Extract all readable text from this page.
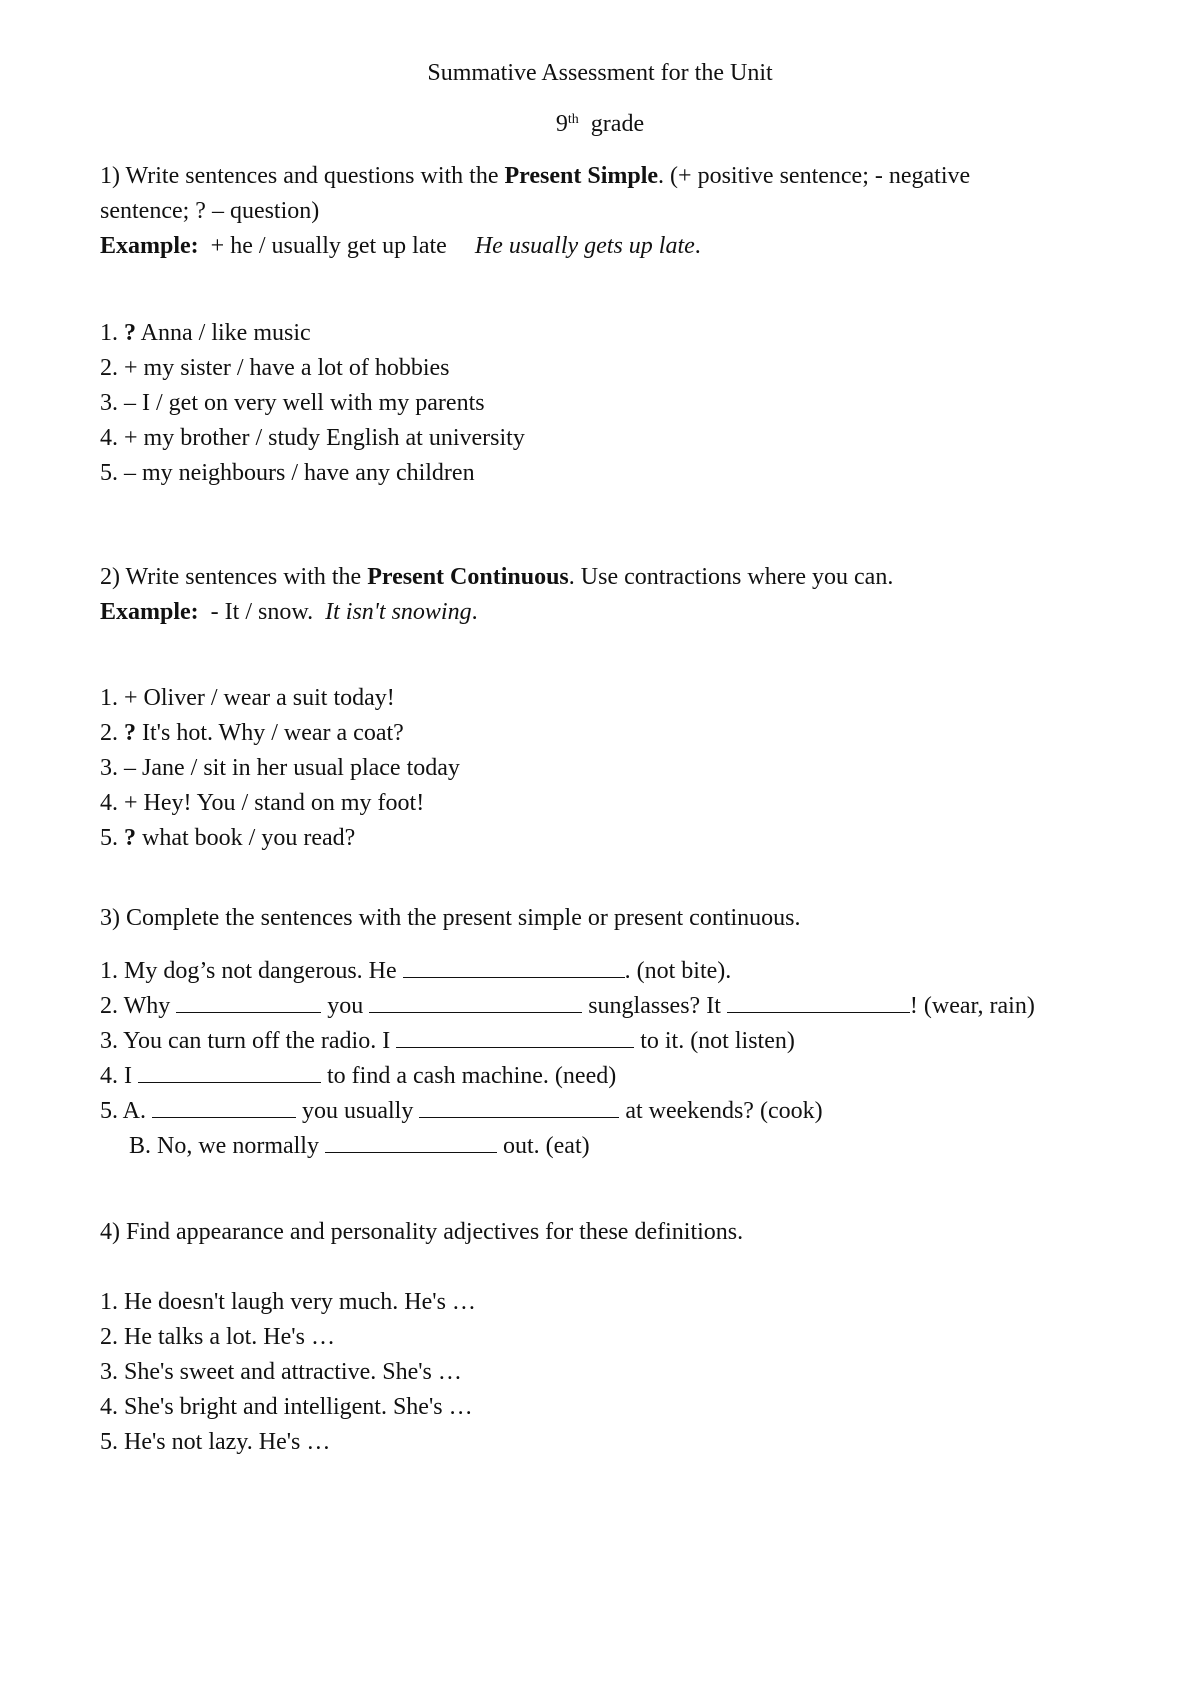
Summative Assessment for the Unit
9th grade
1) Write sentences and questions with the Present Simple. (+ positive sentence; - negative
sentence; ? – question)
Example:  + he / usually get up late He usually gets up late.
1. ? Anna / like music
2. + my sister / have a lot of hobbies
3. – I / get on very well with my parents
4. + my brother / study English at university
5. – my neighbours / have any children
2) Write sentences with the Present Continuous. Use contractions where you can.
Example:  - It / snow. It isn't snowing.
1. + Oliver / wear a suit today!
2. ? It's hot. Why / wear a coat?
3. – Jane / sit in her usual place today
4. + Hey! You / stand on my foot!
5. ? what book / you read?
3) Complete the sentences with the present simple or present continuous.
1. My dog’s not dangerous. He	. (not bite).
2. Why	you	sunglasses? It	! (wear, rain)
3. You can turn off the radio. I	to it. (not listen)
4. I	to find a cash machine. (need)
5. A.	you usually	at weekends? (cook)
B. No, we normally	out. (eat)
4) Find appearance and personality adjectives for these definitions.
1. He doesn't laugh very much. He's …
2. He talks a lot. He's …
3. She's sweet and attractive. She's …
4. She's bright and intelligent. She's …
5. He's not lazy. He's …
